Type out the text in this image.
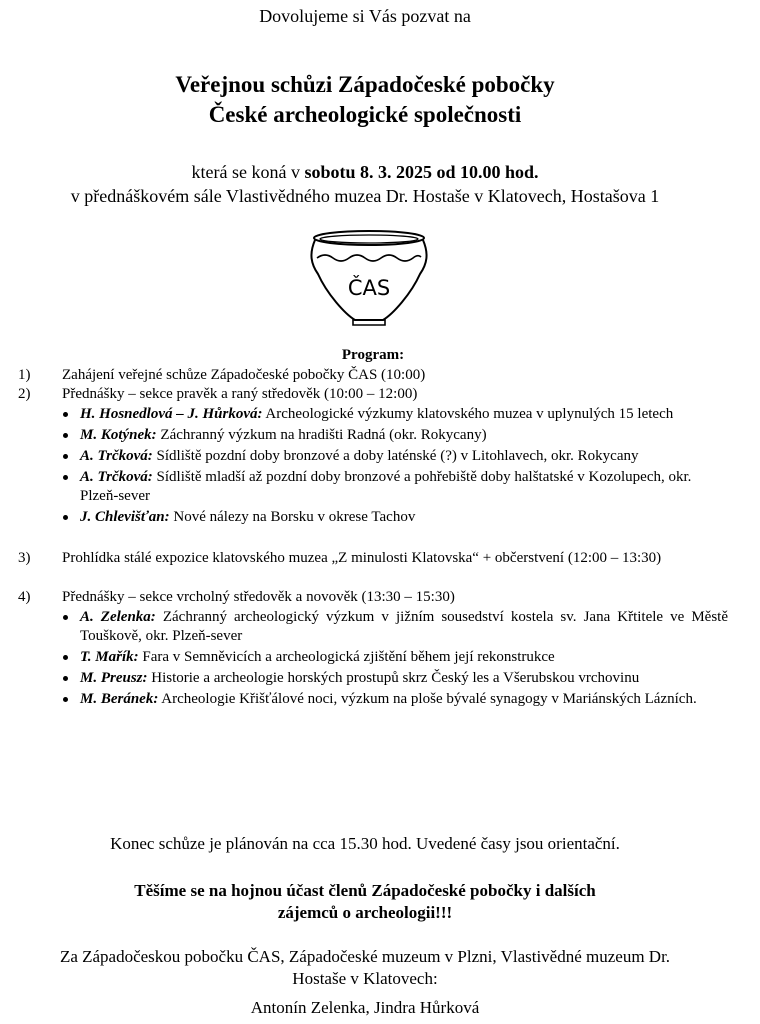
Dovolujeme si Vás pozvat na
Veřejnou schůzi Západočeské pobočky
České archeologické společnosti
která se koná v sobotu 8. 3. 2025 od 10.00 hod.
v přednáškovém sále Vlastivědného muzea Dr. Hostaše v Klatovech, Hostašova 1
ČAS
Program:
1) Zahájení veřejné schůze Západočeské pobočky ČAS (10:00)
2) Přednášky – sekce pravěk a raný středověk (10:00 – 12:00)
H. Hosnedlová – J. Hůrková: Archeologické výzkumy klatovského muzea v uplynulých 15 letech
M. Kotýnek: Záchranný výzkum na hradišti Radná (okr. Rokycany)
A. Trčková: Sídliště pozdní doby bronzové a doby laténské (?) v Litohlavech, okr. Rokycany
A. Trčková: Sídliště mladší až pozdní doby bronzové a pohřebiště doby halštatské v Kozolupech, okr. Plzeň-sever
J. Chlevišťan: Nové nálezy na Borsku v okrese Tachov
3) Prohlídka stálé expozice klatovského muzea „Z minulosti Klatovska“ + občerstvení (12:00 – 13:30)
4) Přednášky – sekce vrcholný středověk a novověk (13:30 – 15:30)
A. Zelenka: Záchranný archeologický výzkum v jižním sousedství kostela sv. Jana Křtitele ve Městě Touškově, okr. Plzeň-sever
T. Mařík: Fara v Semněvicích a archeologická zjištění během její rekonstrukce
M. Preusz: Historie a archeologie horských prostupů skrz Český les a Všerubskou vrchovinu
M. Beránek: Archeologie Křišťálové noci, výzkum na ploše bývalé synagogy v Mariánských Lázních.
Konec schůze je plánován na cca 15.30 hod. Uvedené časy jsou orientační.
Těšíme se na hojnou účast členů Západočeské pobočky i dalších
zájemců o archeologii!!!
Za Západočeskou pobočku ČAS, Západočeské muzeum v Plzni, Vlastivědné muzeum Dr.
Hostaše v Klatovech:
Antonín Zelenka, Jindra Hůrková
